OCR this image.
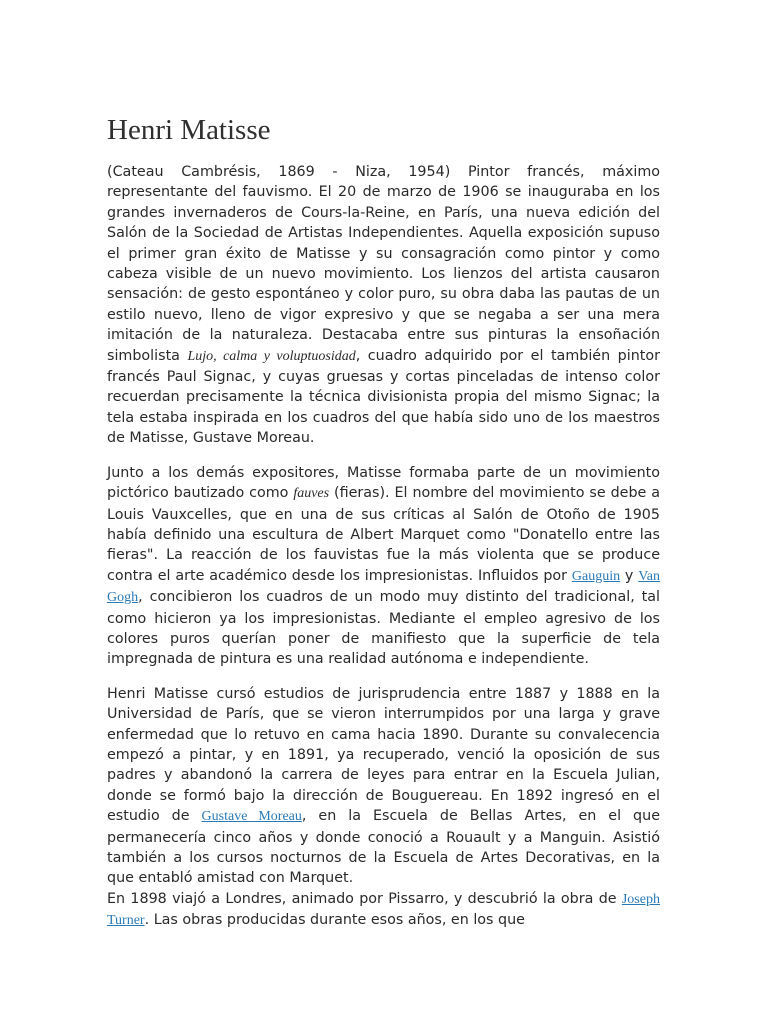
Henri Matisse

(Cateau Cambrésis, 1869 - Niza, 1954) Pintor francés, máximo representante del fauvismo. El 20 de marzo de 1906 se inauguraba en los grandes invernaderos de Cours-la-Reine, en París, una nueva edición del Salón de la Sociedad de Artistas Independientes. Aquella exposición supuso el primer gran éxito de Matisse y su consagración como pintor y como cabeza visible de un nuevo movimiento. Los lienzos del artista causaron sensación: de gesto espontáneo y color puro, su obra daba las pautas de un estilo nuevo, lleno de vigor expresivo y que se negaba a ser una mera imitación de la naturaleza. Destacaba entre sus pinturas la ensoñación simbolista Lujo, calma y voluptuosidad, cuadro adquirido por el también pintor francés Paul Signac, y cuyas gruesas y cortas pinceladas de intenso color recuerdan precisamente la técnica divisionista propia del mismo Signac; la tela estaba inspirada en los cuadros del que había sido uno de los maestros de Matisse, Gustave Moreau.

Junto a los demás expositores, Matisse formaba parte de un movimiento pictórico bautizado como fauves (fieras). El nombre del movimiento se debe a Louis Vauxcelles, que en una de sus críticas al Salón de Otoño de 1905 había definido una escultura de Albert Marquet como "Donatello entre las fieras". La reacción de los fauvistas fue la más violenta que se produce contra el arte académico desde los impresionistas. Influidos por Gauguin y Van Gogh, concibieron los cuadros de un modo muy distinto del tradicional, tal como hicieron ya los impresionistas. Mediante el empleo agresivo de los colores puros querían poner de manifiesto que la superficie de tela impregnada de pintura es una realidad autónoma e independiente.

Henri Matisse cursó estudios de jurisprudencia entre 1887 y 1888 en la Universidad de París, que se vieron interrumpidos por una larga y grave enfermedad que lo retuvo en cama hacia 1890. Durante su convalecencia empezó a pintar, y en 1891, ya recuperado, venció la oposición de sus padres y abandonó la carrera de leyes para entrar en la Escuela Julian, donde se formó bajo la dirección de Bouguereau. En 1892 ingresó en el estudio de Gustave Moreau, en la Escuela de Bellas Artes, en el que permanecería cinco años y donde conoció a Rouault y a Manguin. Asistió también a los cursos nocturnos de la Escuela de Artes Decorativas, en la que entabló amistad con Marquet.

En 1898 viajó a Londres, animado por Pissarro, y descubrió la obra de Joseph Turner. Las obras producidas durante esos años, en los que
